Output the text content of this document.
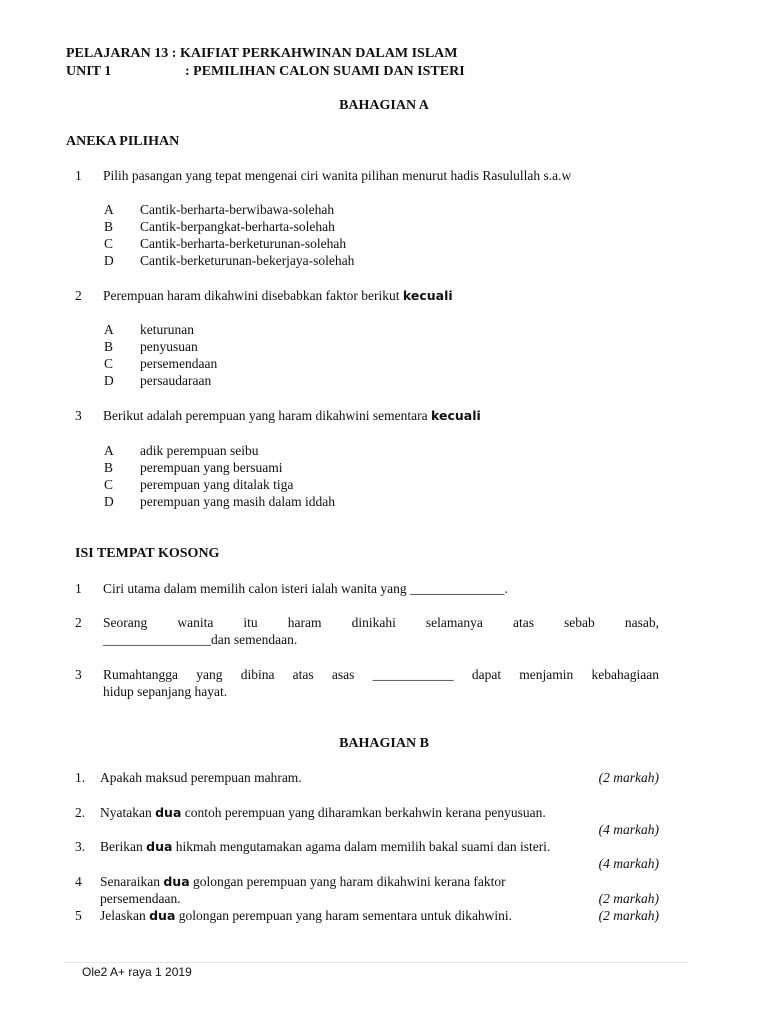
PELAJARAN 13 : KAIFIAT PERKAHWINAN DALAM ISLAM
UNIT 1	: PEMILIHAN CALON SUAMI DAN ISTERI
BAHAGIAN A
ANEKA PILIHAN
1 Pilih pasangan yang tepat mengenai ciri wanita pilihan menurut hadis Rasulullah s.a.w
A Cantik-berharta-berwibawa-solehah
B Cantik-berpangkat-berharta-solehah
C Cantik-berharta-berketurunan-solehah
D Cantik-berketurunan-bekerjaya-solehah
2 Perempuan haram dikahwini disebabkan faktor berikut kecuali
A keturunan
B penyusuan
C persemendaan
D persaudaraan
3 Berikut adalah perempuan yang haram dikahwini sementara kecuali
A adik perempuan seibu
B perempuan yang bersuami
C perempuan yang ditalak tiga
D perempuan yang masih dalam iddah
ISI TEMPAT KOSONG
1 Ciri utama dalam memilih calon isteri ialah wanita yang ______________.
2 Seorang wanita itu haram dinikahi selamanya atas sebab nasab,
________________dan semendaan.
3 Rumahtangga yang dibina atas asas ____________ dapat menjamin kebahagiaan
hidup sepanjang hayat.
BAHAGIAN B
1. Apakah maksud perempuan mahram.	(2 markah)
2. Nyatakan dua contoh perempuan yang diharamkan berkahwin kerana penyusuan.
(4 markah)
3. Berikan dua hikmah mengutamakan agama dalam memilih bakal suami dan isteri.
(4 markah)
4 Senaraikan dua golongan perempuan yang haram dikahwini kerana faktor
persemendaan.	(2 markah)
5 Jelaskan dua golongan perempuan yang haram sementara untuk dikahwini.	(2 markah)
Ole2 A+ raya 1 2019
